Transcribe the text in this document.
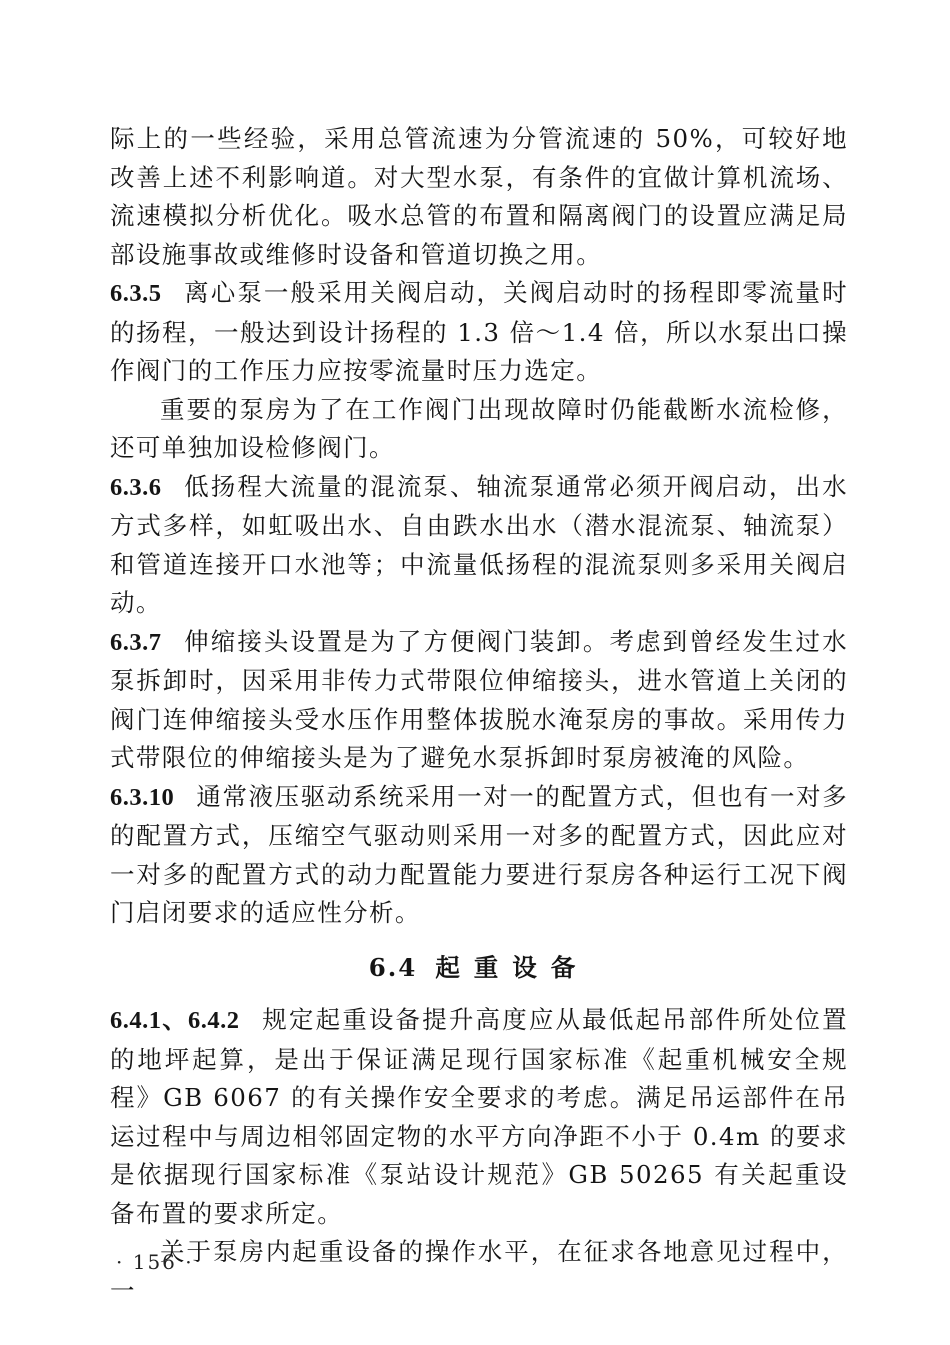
际上的一些经验，采用总管流速为分管流速的 50%，可较好地改善上述不利影响道。对大型水泵，有条件的宜做计算机流场、流速模拟分析优化。吸水总管的布置和隔离阀门的设置应满足局部设施事故或维修时设备和管道切换之用。

6.3.5 离心泵一般采用关阀启动，关阀启动时的扬程即零流量时的扬程，一般达到设计扬程的 1.3 倍～1.4 倍，所以水泵出口操作阀门的工作压力应按零流量时压力选定。

重要的泵房为了在工作阀门出现故障时仍能截断水流检修，还可单独加设检修阀门。

6.3.6 低扬程大流量的混流泵、轴流泵通常必须开阀启动，出水方式多样，如虹吸出水、自由跌水出水（潜水混流泵、轴流泵）和管道连接开口水池等；中流量低扬程的混流泵则多采用关阀启动。

6.3.7 伸缩接头设置是为了方便阀门装卸。考虑到曾经发生过水泵拆卸时，因采用非传力式带限位伸缩接头，进水管道上关闭的阀门连伸缩接头受水压作用整体拔脱水淹泵房的事故。采用传力式带限位的伸缩接头是为了避免水泵拆卸时泵房被淹的风险。

6.3.10 通常液压驱动系统采用一对一的配置方式，但也有一对多的配置方式，压缩空气驱动则采用一对多的配置方式，因此应对一对多的配置方式的动力配置能力要进行泵房各种运行工况下阀门启闭要求的适应性分析。

6.4 起重设备

6.4.1、6.4.2 规定起重设备提升高度应从最低起吊部件所处位置的地坪起算，是出于保证满足现行国家标准《起重机械安全规程》GB 6067 的有关操作安全要求的考虑。满足吊运部件在吊运过程中与周边相邻固定物的水平方向净距不小于 0.4m 的要求是依据现行国家标准《泵站设计规范》GB 50265 有关起重设备布置的要求所定。

关于泵房内起重设备的操作水平，在征求各地意见过程中，一

· 156 ·
